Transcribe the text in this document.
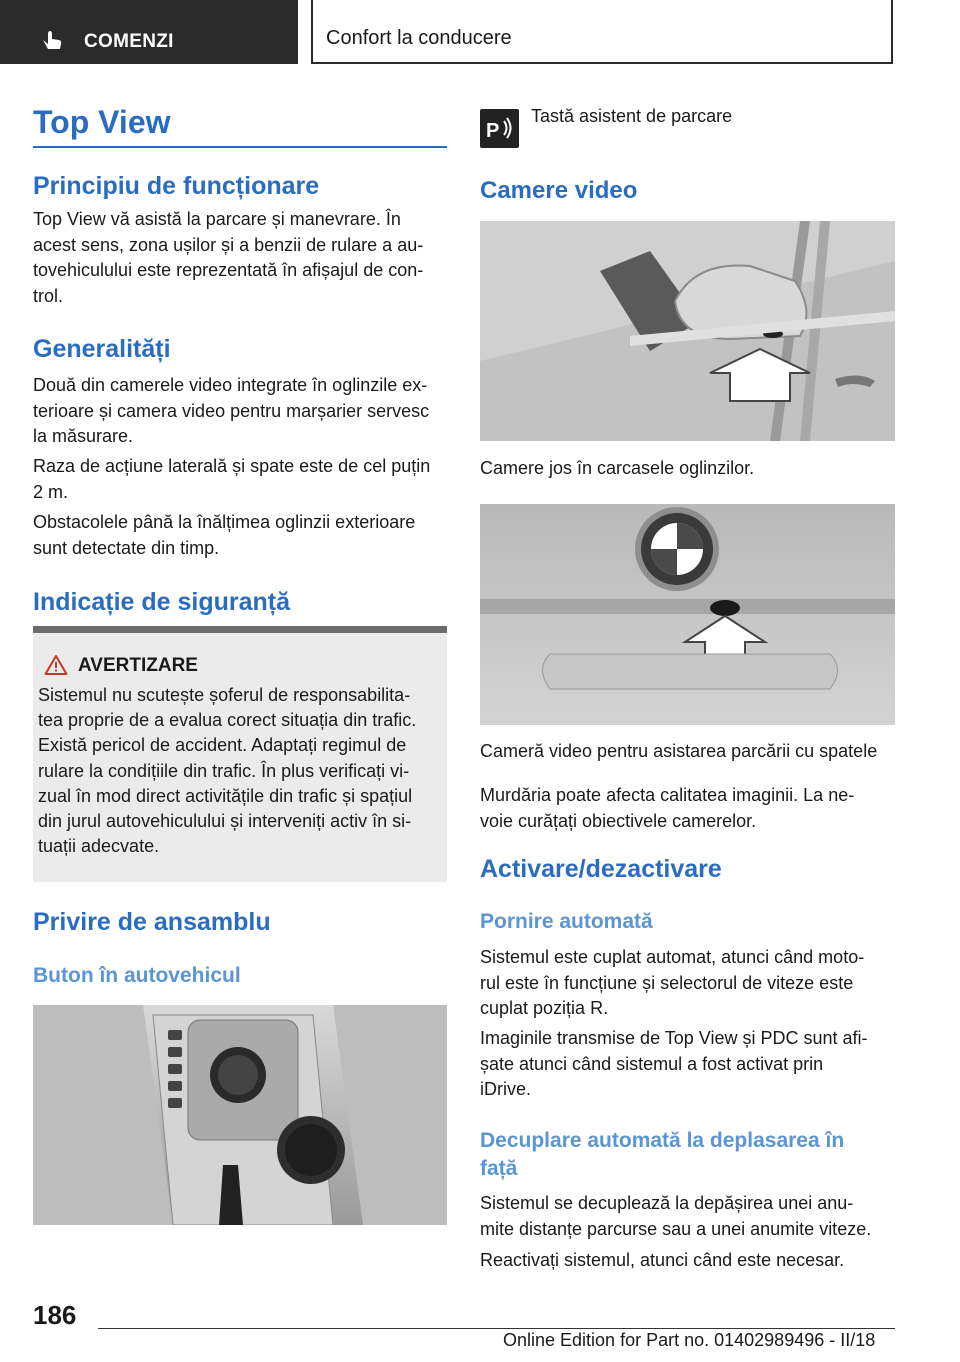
COMENZI	Confort la conducere
Top View
Principiu de funcționare
Top View vă asistă la parcare și manevrare. În
acest sens, zona ușilor și a benzii de rulare a au-
tovehiculului este reprezentată în afișajul de con-
trol.
Generalități
Două din camerele video integrate în oglinzile ex-
terioare și camera video pentru marșarier servesc
la măsurare.
Raza de acțiune laterală și spate este de cel puțin
2 m.
Obstacolele până la înălțimea oglinzii exterioare
sunt detectate din timp.
Indicație de siguranță
AVERTIZARE
Sistemul nu scutește șoferul de responsabilita-
tea proprie de a evalua corect situația din trafic.
Există pericol de accident. Adaptați regimul de
rulare la condițiile din trafic. În plus verificați vi-
zual în mod direct activitățile din trafic și spațiul
din jurul autovehiculului și interveniți activ în si-
tuații adecvate.
Privire de ansamblu
Buton în autovehicul
P
Tastă asistent de parcare
Camere video
Camere jos în carcasele oglinzilor.
Cameră video pentru asistarea parcării cu spatele
Murdăria poate afecta calitatea imaginii. La ne-
voie curățați obiectivele camerelor.
Activare/dezactivare
Pornire automată
Sistemul este cuplat automat, atunci când moto-
rul este în funcțiune și selectorul de viteze este
cuplat poziția R.
Imaginile transmise de Top View și PDC sunt afi-
șate atunci când sistemul a fost activat prin
iDrive.
Decuplare automată la deplasarea în
față
Sistemul se decuplează la depășirea unei anu-
mite distanțe parcurse sau a unei anumite viteze.
Reactivați sistemul, atunci când este necesar.
186
Online Edition for Part no. 01402989496 - II/18
